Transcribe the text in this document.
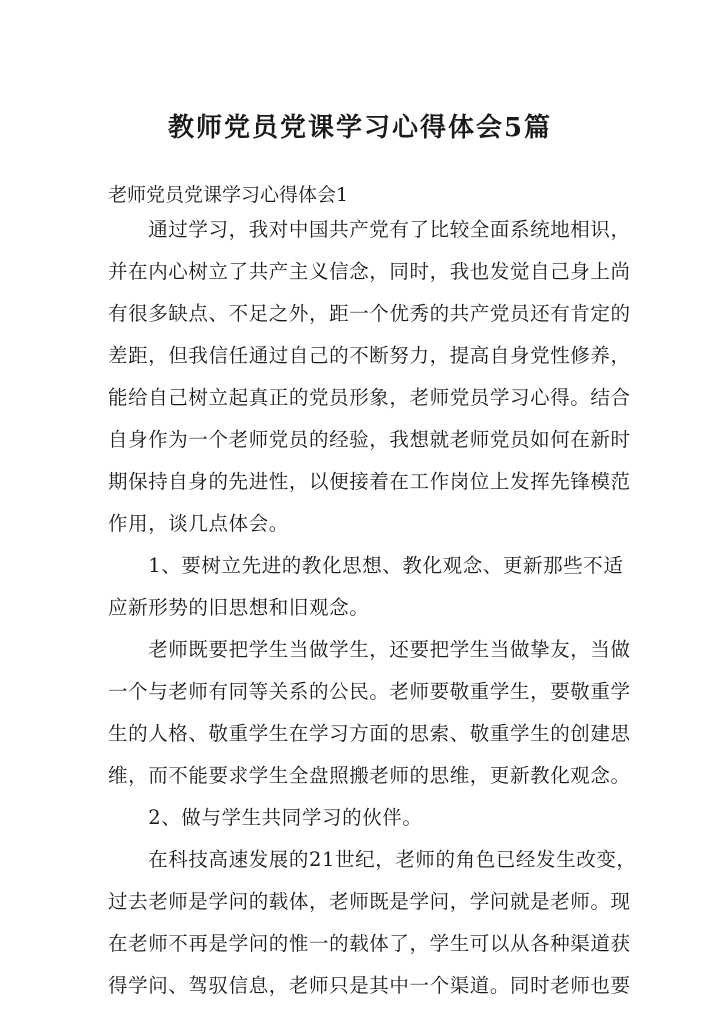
教师党员党课学习心得体会5篇
老师党员党课学习心得体会1
　　通过学习，我对中国共产党有了比较全面系统地相识，
并在内心树立了共产主义信念，同时，我也发觉自己身上尚
有很多缺点、不足之外，距一个优秀的共产党员还有肯定的
差距，但我信任通过自己的不断努力，提高自身党性修养，
能给自己树立起真正的党员形象，老师党员学习心得。结合
自身作为一个老师党员的经验，我想就老师党员如何在新时
期保持自身的先进性，以便接着在工作岗位上发挥先锋模范
作用，谈几点体会。
　　1、要树立先进的教化思想、教化观念、更新那些不适
应新形势的旧思想和旧观念。
　　老师既要把学生当做学生，还要把学生当做挚友，当做
一个与老师有同等关系的公民。老师要敬重学生，要敬重学
生的人格、敬重学生在学习方面的思索、敬重学生的创建思
维，而不能要求学生全盘照搬老师的思维，更新教化观念。
　　2、做与学生共同学习的伙伴。
　　在科技高速发展的21世纪，老师的角色已经发生改变，
过去老师是学问的载体，老师既是学问，学问就是老师。现
在老师不再是学问的惟一的载体了，学生可以从各种渠道获
得学问、驾驭信息，老师只是其中一个渠道。同时老师也要
